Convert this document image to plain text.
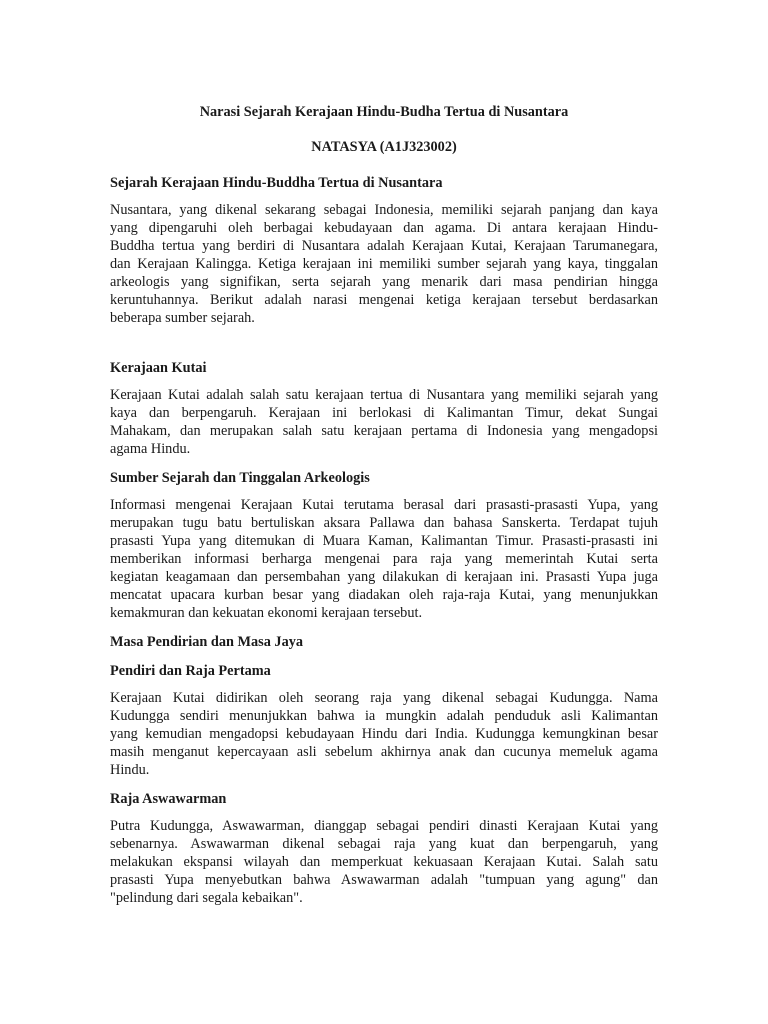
Narasi Sejarah Kerajaan Hindu-Budha Tertua di Nusantara

NATASYA (A1J323002)

Sejarah Kerajaan Hindu-Buddha Tertua di Nusantara

Nusantara, yang dikenal sekarang sebagai Indonesia, memiliki sejarah panjang dan kaya
yang dipengaruhi oleh berbagai kebudayaan dan agama. Di antara kerajaan Hindu-
Buddha tertua yang berdiri di Nusantara adalah Kerajaan Kutai, Kerajaan Tarumanegara,
dan Kerajaan Kalingga. Ketiga kerajaan ini memiliki sumber sejarah yang kaya, tinggalan
arkeologis yang signifikan, serta sejarah yang menarik dari masa pendirian hingga
keruntuhannya. Berikut adalah narasi mengenai ketiga kerajaan tersebut berdasarkan
beberapa sumber sejarah.

Kerajaan Kutai

Kerajaan Kutai adalah salah satu kerajaan tertua di Nusantara yang memiliki sejarah yang
kaya dan berpengaruh. Kerajaan ini berlokasi di Kalimantan Timur, dekat Sungai
Mahakam, dan merupakan salah satu kerajaan pertama di Indonesia yang mengadopsi
agama Hindu.

Sumber Sejarah dan Tinggalan Arkeologis

Informasi mengenai Kerajaan Kutai terutama berasal dari prasasti-prasasti Yupa, yang
merupakan tugu batu bertuliskan aksara Pallawa dan bahasa Sanskerta. Terdapat tujuh
prasasti Yupa yang ditemukan di Muara Kaman, Kalimantan Timur. Prasasti-prasasti ini
memberikan informasi berharga mengenai para raja yang memerintah Kutai serta
kegiatan keagamaan dan persembahan yang dilakukan di kerajaan ini. Prasasti Yupa juga
mencatat upacara kurban besar yang diadakan oleh raja-raja Kutai, yang menunjukkan
kemakmuran dan kekuatan ekonomi kerajaan tersebut.

Masa Pendirian dan Masa Jaya

Pendiri dan Raja Pertama

Kerajaan Kutai didirikan oleh seorang raja yang dikenal sebagai Kudungga. Nama
Kudungga sendiri menunjukkan bahwa ia mungkin adalah penduduk asli Kalimantan
yang kemudian mengadopsi kebudayaan Hindu dari India. Kudungga kemungkinan besar
masih menganut kepercayaan asli sebelum akhirnya anak dan cucunya memeluk agama
Hindu.

Raja Aswawarman

Putra Kudungga, Aswawarman, dianggap sebagai pendiri dinasti Kerajaan Kutai yang
sebenarnya. Aswawarman dikenal sebagai raja yang kuat dan berpengaruh, yang
melakukan ekspansi wilayah dan memperkuat kekuasaan Kerajaan Kutai. Salah satu
prasasti Yupa menyebutkan bahwa Aswawarman adalah "tumpuan yang agung" dan
"pelindung dari segala kebaikan".
